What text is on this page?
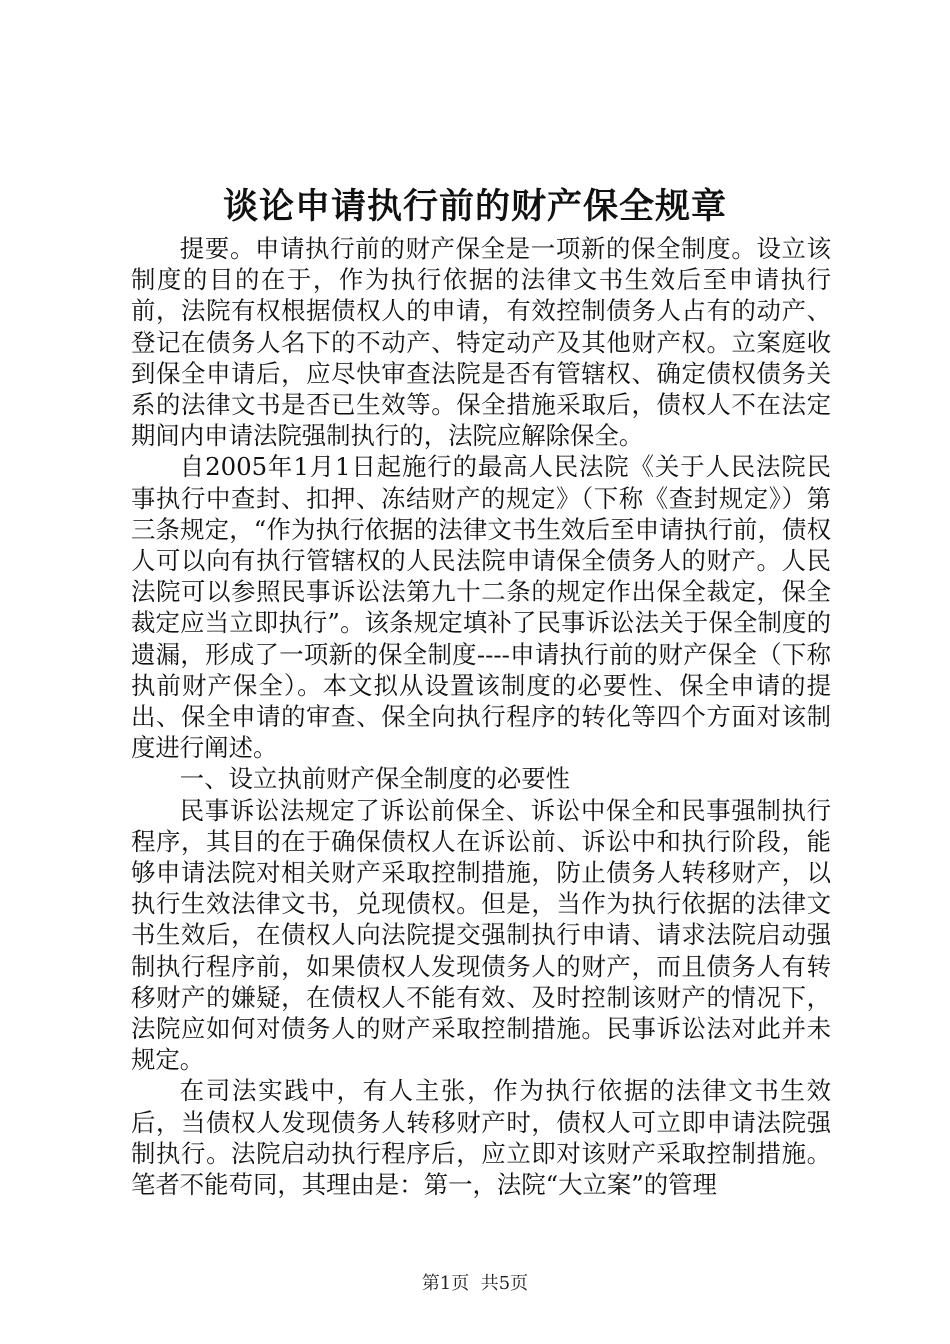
谈论申请执行前的财产保全规章

提要。申请执行前的财产保全是一项新的保全制度。设立该制度的目的在于，作为执行依据的法律文书生效后至申请执行前，法院有权根据债权人的申请，有效控制债务人占有的动产、登记在债务人名下的不动产、特定动产及其他财产权。立案庭收到保全申请后，应尽快审查法院是否有管辖权、确定债权债务关系的法律文书是否已生效等。保全措施采取后，债权人不在法定期间内申请法院强制执行的，法院应解除保全。

自2005年1月1日起施行的最高人民法院《关于人民法院民事执行中查封、扣押、冻结财产的规定》（下称《查封规定》）第三条规定，“作为执行依据的法律文书生效后至申请执行前，债权人可以向有执行管辖权的人民法院申请保全债务人的财产。人民法院可以参照民事诉讼法第九十二条的规定作出保全裁定，保全裁定应当立即执行”。该条规定填补了民事诉讼法关于保全制度的遗漏，形成了一项新的保全制度----申请执行前的财产保全（下称执前财产保全）。本文拟从设置该制度的必要性、保全申请的提出、保全申请的审查、保全向执行程序的转化等四个方面对该制度进行阐述。

一、设立执前财产保全制度的必要性

民事诉讼法规定了诉讼前保全、诉讼中保全和民事强制执行程序，其目的在于确保债权人在诉讼前、诉讼中和执行阶段，能够申请法院对相关财产采取控制措施，防止债务人转移财产，以执行生效法律文书，兑现债权。但是，当作为执行依据的法律文书生效后，在债权人向法院提交强制执行申请、请求法院启动强制执行程序前，如果债权人发现债务人的财产，而且债务人有转移财产的嫌疑，在债权人不能有效、及时控制该财产的情况下，法院应如何对债务人的财产采取控制措施。民事诉讼法对此并未规定。

在司法实践中，有人主张，作为执行依据的法律文书生效后，当债权人发现债务人转移财产时，债权人可立即申请法院强制执行。法院启动执行程序后，应立即对该财产采取控制措施。笔者不能苟同，其理由是：第一，法院“大立案”的管理

第1页 共5页
